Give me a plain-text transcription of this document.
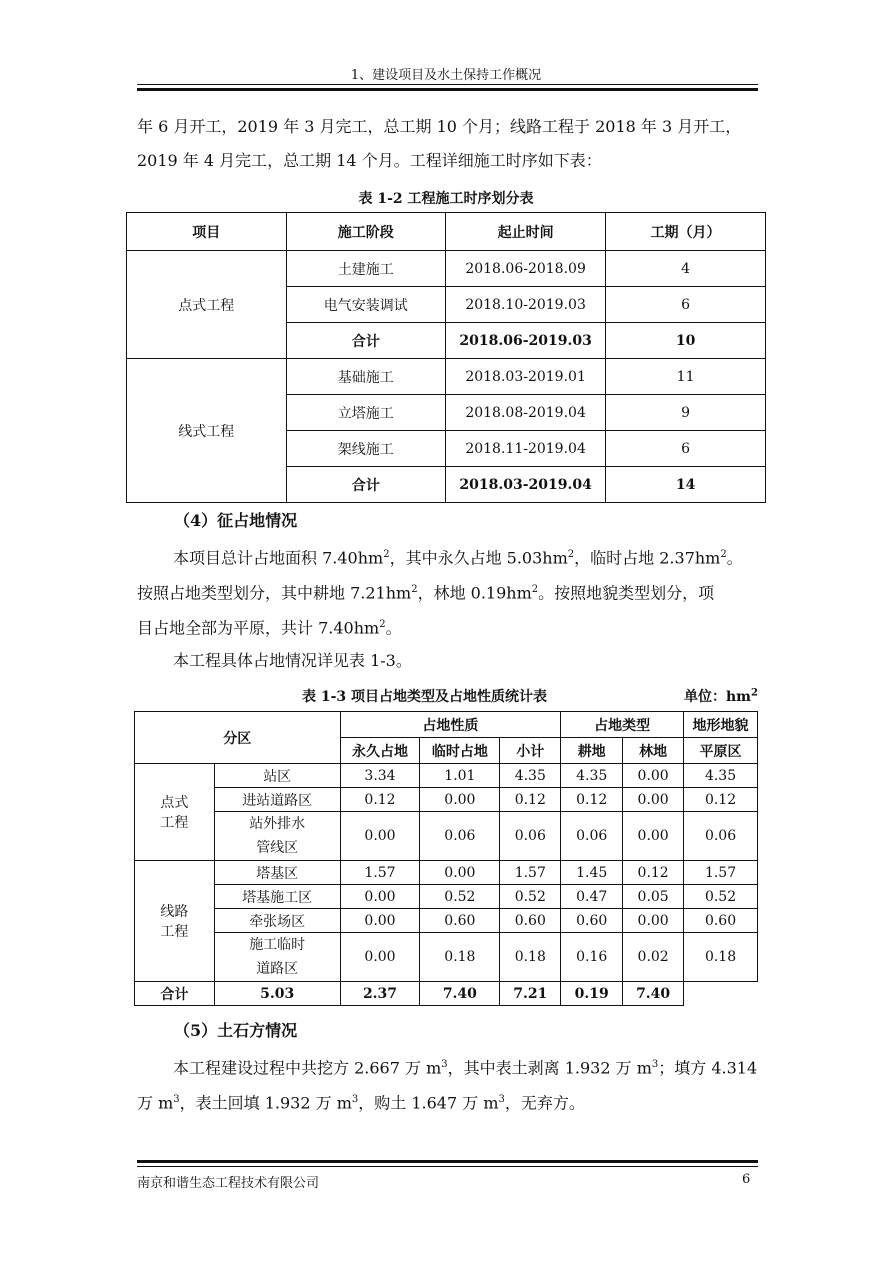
1、建设项目及水土保持工作概况
年 6 月开工，2019 年 3 月完工，总工期 10 个月；线路工程于 2018 年 3 月开工，
2019 年 4 月完工，总工期 14 个月。工程详细施工时序如下表：
表 1-2 工程施工时序划分表
项目	施工阶段	起止时间	工期（月）
点式工程	土建施工	2018.06-2018.09	4
	电气安装调试	2018.10-2019.03	6
	合计	2018.06-2019.03	10
线式工程	基础施工	2018.03-2019.01	11
	立塔施工	2018.08-2019.04	9
	架线施工	2018.11-2019.04	6
	合计	2018.03-2019.04	14
（4）征占地情况
本项目总计占地面积 $7.40hm^2$，其中永久占地 $5.03hm^2$，临时占地 $2.37hm^2$。
按照占地类型划分，其中耕地 $7.21hm^2$，林地 $0.19hm^2$。按照地貌类型划分，项
目占地全部为平原，共计 $7.40hm^2$。
本工程具体占地情况详见表 1-3。
表 1-3 项目占地类型及占地性质统计表	单位：$hm^2$
分区		占地性质			占地类型		地形地貌
		永久占地	临时占地	小计	耕地	林地	平原区

点式
工程	站区	3.34	1.01	4.35	4.35	0.00	4.35
	进站道路区	0.12	0.00	0.12	0.12	0.00	0.12

	站外排水
管线区	0.00	0.06	0.06	0.06	0.00	0.06

线路
工程	塔基区	1.57	0.00	1.57	1.45	0.12	1.57
	塔基施工区	0.00	0.52	0.52	0.47	0.05	0.52
	牵张场区	0.00	0.60	0.60	0.60	0.00	0.60

	施工临时
道路区	0.00	0.18	0.18	0.16	0.02	0.18
合计	5.03	2.37	7.40	7.21	0.19	7.40	
（5）土石方情况
本工程建设过程中共挖方 2.667 万 $m^3$，其中表土剥离 1.932 万 $m^3$；填方 4.314
万 $m^3$，表土回填 1.932 万 $m^3$，购土 1.647 万 $m^3$，无弃方。
南京和谐生态工程技术有限公司	6
